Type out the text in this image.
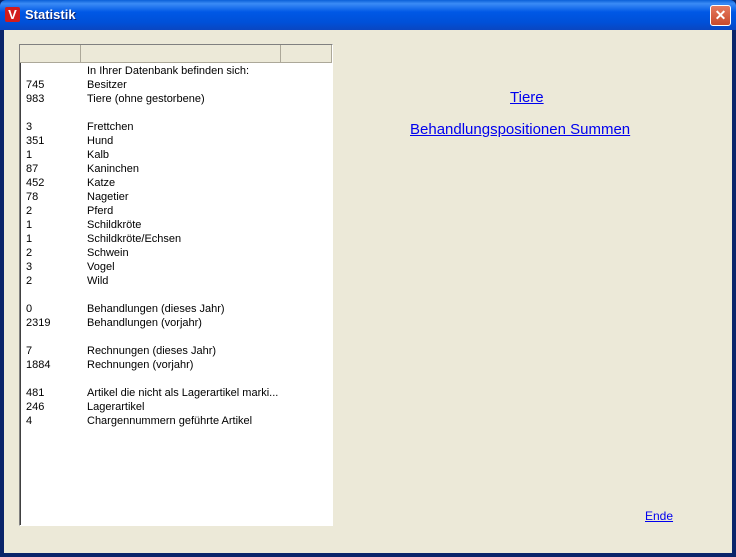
V Statistik	✕
In Ihrer Datenbank befinden sich:
745	Besitzer
983	Tiere (ohne gestorbene)
3	Frettchen
351	Hund
1	Kalb
87	Kaninchen
452	Katze
78	Nagetier
2	Pferd
1	Schildkröte
1	Schildkröte/Echsen
2	Schwein
3	Vogel
2	Wild
0	Behandlungen (dieses Jahr)
2319	Behandlungen (vorjahr)
7	Rechnungen (dieses Jahr)
1884	Rechnungen (vorjahr)
481	Artikel die nicht als Lagerartikel marki...
246	Lagerartikel
4	Chargennummern geführte Artikel
Tiere
Behandlungspositionen Summen
Ende
